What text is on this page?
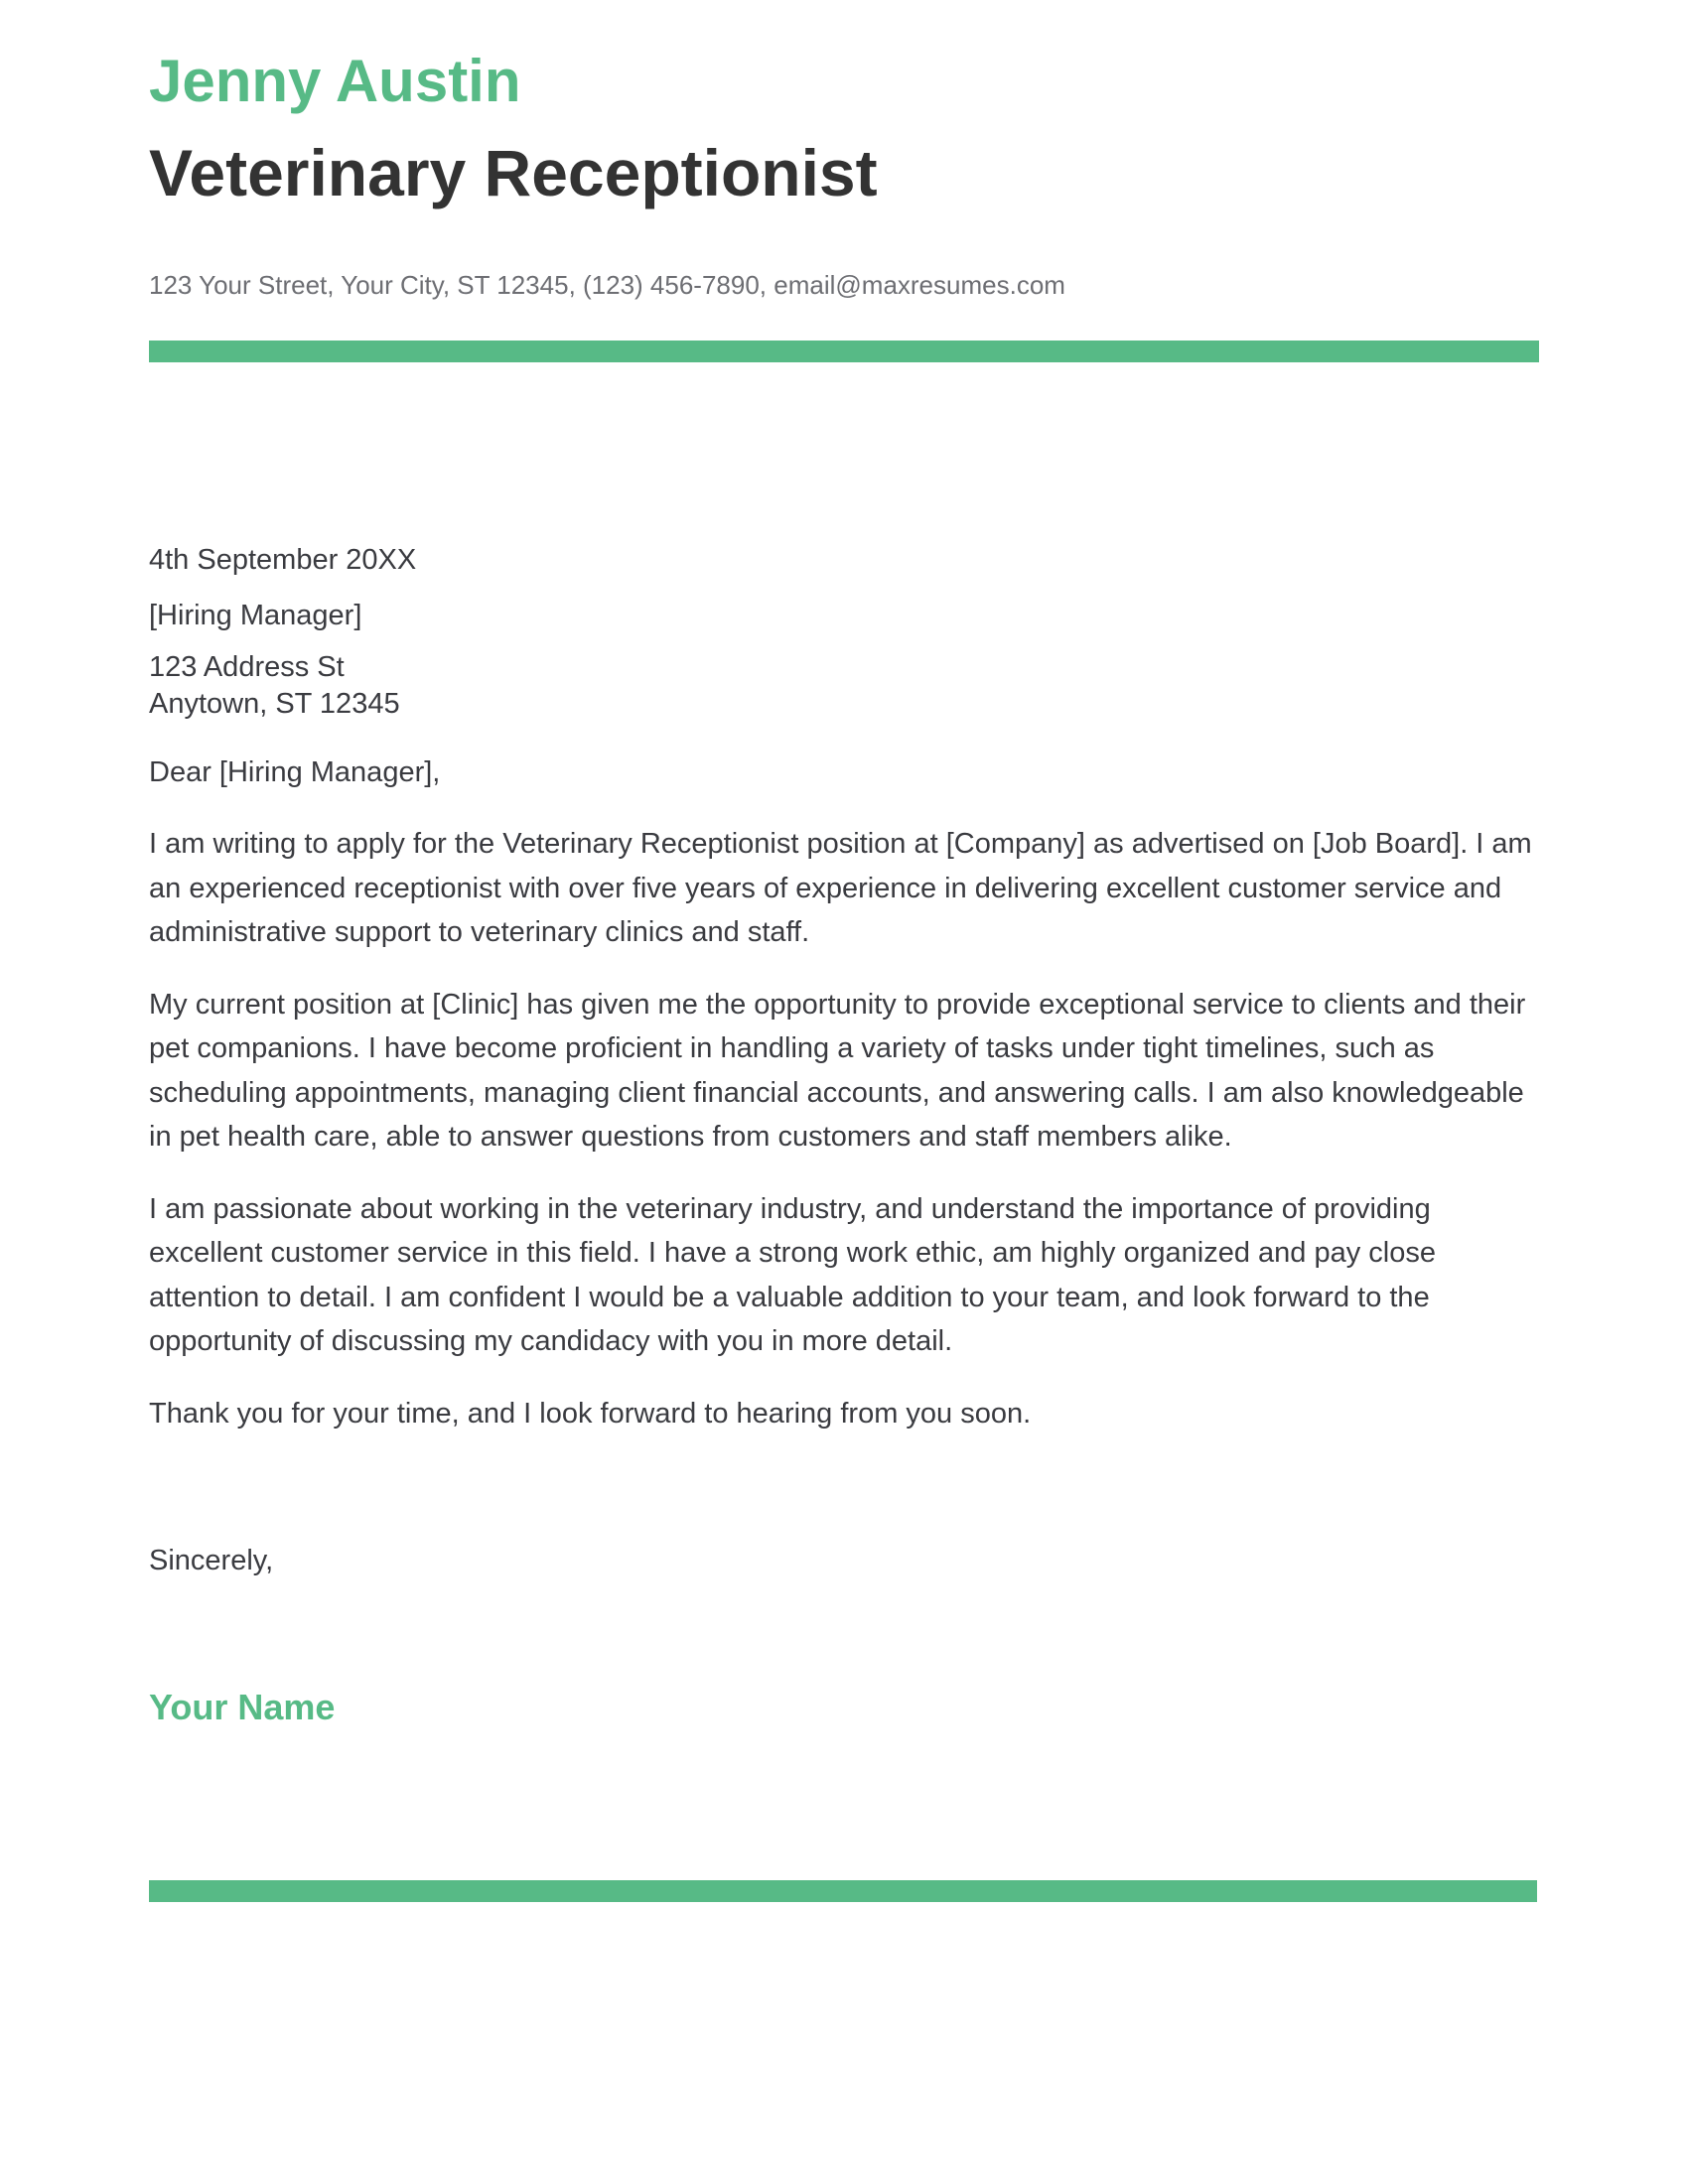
Jenny Austin
Veterinary Receptionist
123 Your Street, Your City, ST 12345, (123) 456-7890, email@maxresumes.com
4th September 20XX
[Hiring Manager]
123 Address St
Anytown, ST 12345
Dear [Hiring Manager],

I am writing to apply for the Veterinary Receptionist position at [Company] as advertised on [Job Board]. I am an experienced receptionist with over five years of experience in delivering excellent customer service and administrative support to veterinary clinics and staff.

My current position at [Clinic] has given me the opportunity to provide exceptional service to clients and their pet companions. I have become proficient in handling a variety of tasks under tight timelines, such as scheduling appointments, managing client financial accounts, and answering calls. I am also knowledgeable in pet health care, able to answer questions from customers and staff members alike.

I am passionate about working in the veterinary industry, and understand the importance of providing excellent customer service in this field. I have a strong work ethic, am highly organized and pay close attention to detail. I am confident I would be a valuable addition to your team, and look forward to the opportunity of discussing my candidacy with you in more detail.

Thank you for your time, and I look forward to hearing from you soon.

Sincerely,
Your Name
